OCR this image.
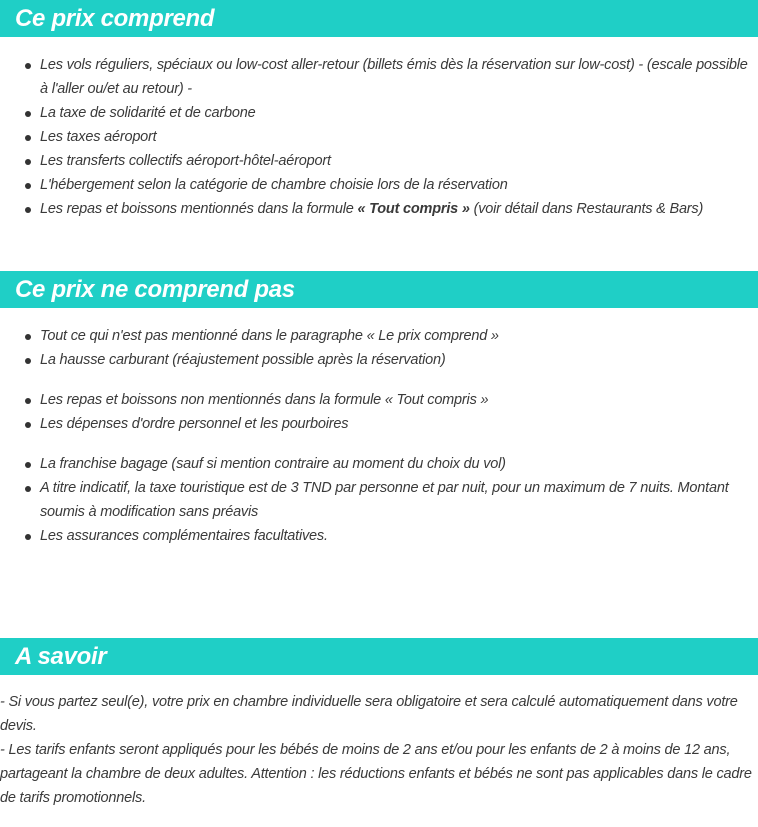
Ce prix comprend
Les vols réguliers, spéciaux ou low-cost aller-retour (billets émis dès la réservation sur low-cost) - (escale possible à l'aller ou/et au retour) -
La taxe de solidarité et de carbone
Les taxes aéroport
Les transferts collectifs aéroport-hôtel-aéroport
L'hébergement selon la catégorie de chambre choisie lors de la réservation
Les repas et boissons mentionnés dans la formule « Tout compris » (voir détail dans Restaurants & Bars)
Ce prix ne comprend pas
Tout ce qui n'est pas mentionné dans le paragraphe « Le prix comprend »
La hausse carburant (réajustement possible après la réservation)
Les repas et boissons non mentionnés dans la formule « Tout compris »
Les dépenses d'ordre personnel et les pourboires
La franchise bagage (sauf si mention contraire au moment du choix du vol)
A titre indicatif, la taxe touristique est de 3 TND par personne et par nuit, pour un maximum de 7 nuits. Montant soumis à modification sans préavis
Les assurances complémentaires facultatives.
A savoir

- Si vous partez seul(e), votre prix en chambre individuelle sera obligatoire et sera calculé automatiquement dans votre devis.

- Les tarifs enfants seront appliqués pour les bébés de moins de 2 ans et/ou pour les enfants de 2 à moins de 12 ans, partageant la chambre de deux adultes. Attention : les réductions enfants et bébés ne sont pas applicables dans le cadre de tarifs promotionnels.
